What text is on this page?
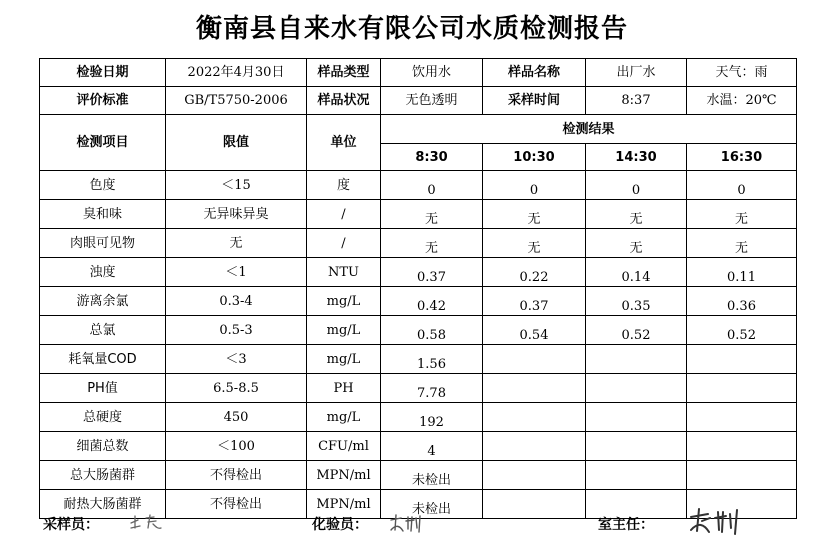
衡南县自来水有限公司水质检测报告
检验日期	2022年4月30日	样品类型	饮用水	样品名称	出厂水	天气：雨
评价标准	GB/T5750-2006	样品状况	无色透明	采样时间	8:37	水温：20℃
检测项目	限值	单位	检测结果			
			8:30	10:30	14:30	16:30
色度	＜15	度	0	0	0	0
臭和味	无异味异臭	/	无	无	无	无
肉眼可见物	无	/	无	无	无	无
浊度	＜1	NTU	0.37	0.22	0.14	0.11
游离余氯	0.3-4	mg/L	0.42	0.37	0.35	0.36
总氯	0.5-3	mg/L	0.58	0.54	0.52	0.52
耗氧量COD	＜3	mg/L	1.56			
PH值	6.5-8.5	PH	7.78			
总硬度	450	mg/L	192			
细菌总数	＜100	CFU/ml	4			
总大肠菌群	不得检出	MPN/ml	未检出			
耐热大肠菌群	不得检出	MPN/ml	未检出			
采样员：	化验员：	室主任：
